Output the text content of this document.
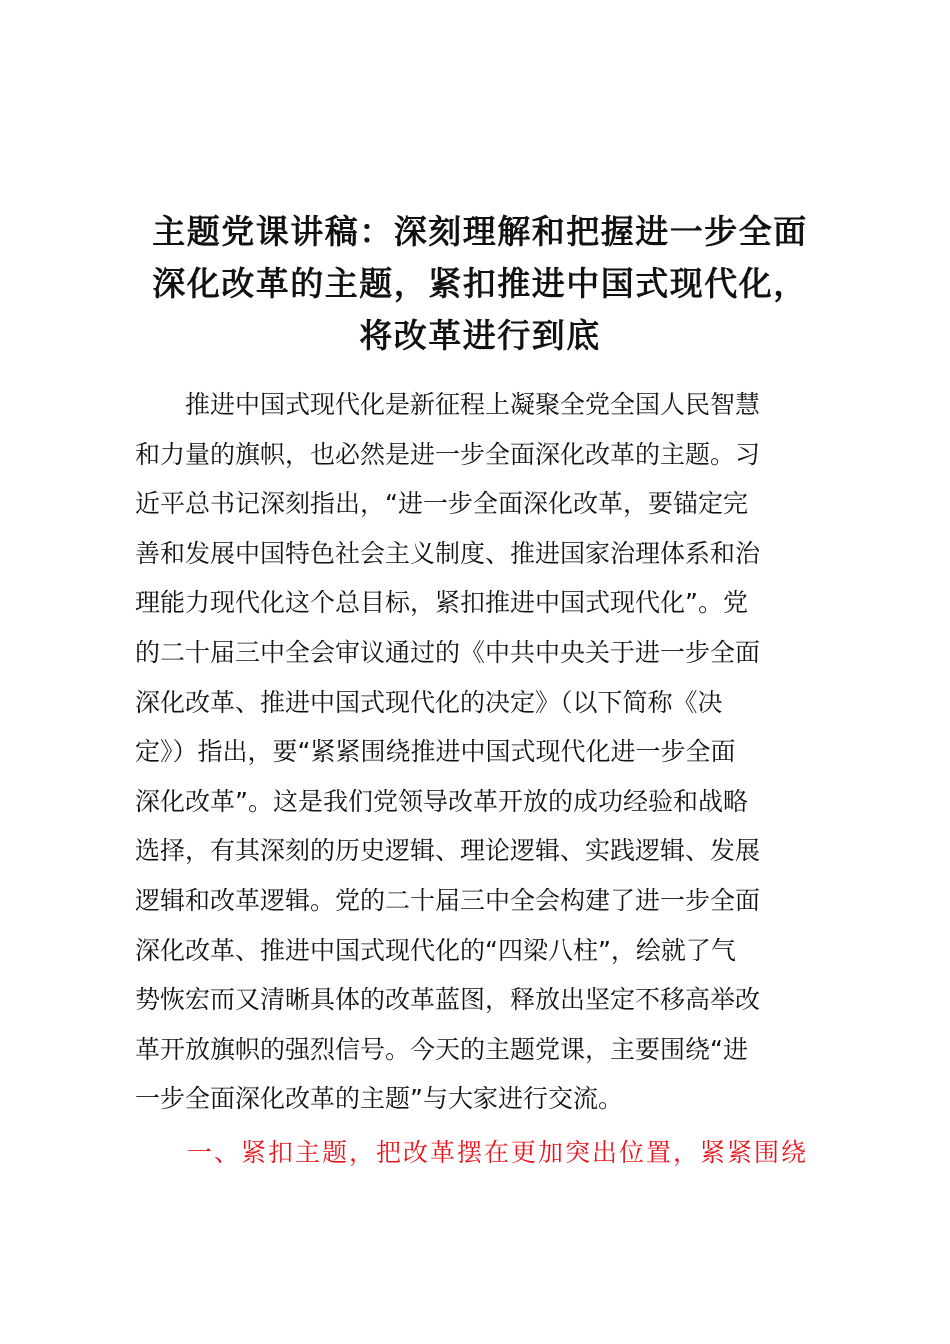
主题党课讲稿：深刻理解和把握进一步全面
深化改革的主题，紧扣推进中国式现代化，
将改革进行到底
推进中国式现代化是新征程上凝聚全党全国人民智慧
和力量的旗帜，也必然是进一步全面深化改革的主题。习
近平总书记深刻指出，“进一步全面深化改革，要锚定完
善和发展中国特色社会主义制度、推进国家治理体系和治
理能力现代化这个总目标，紧扣推进中国式现代化”。党
的二十届三中全会审议通过的《中共中央关于进一步全面
深化改革、推进中国式现代化的决定》（以下简称《决
定》）指出，要“紧紧围绕推进中国式现代化进一步全面
深化改革”。这是我们党领导改革开放的成功经验和战略
选择，有其深刻的历史逻辑、理论逻辑、实践逻辑、发展
逻辑和改革逻辑。党的二十届三中全会构建了进一步全面
深化改革、推进中国式现代化的“四梁八柱”，绘就了气
势恢宏而又清晰具体的改革蓝图，释放出坚定不移高举改
革开放旗帜的强烈信号。今天的主题党课，主要围绕“进
一步全面深化改革的主题”与大家进行交流。
一、紧扣主题，把改革摆在更加突出位置，紧紧围绕
